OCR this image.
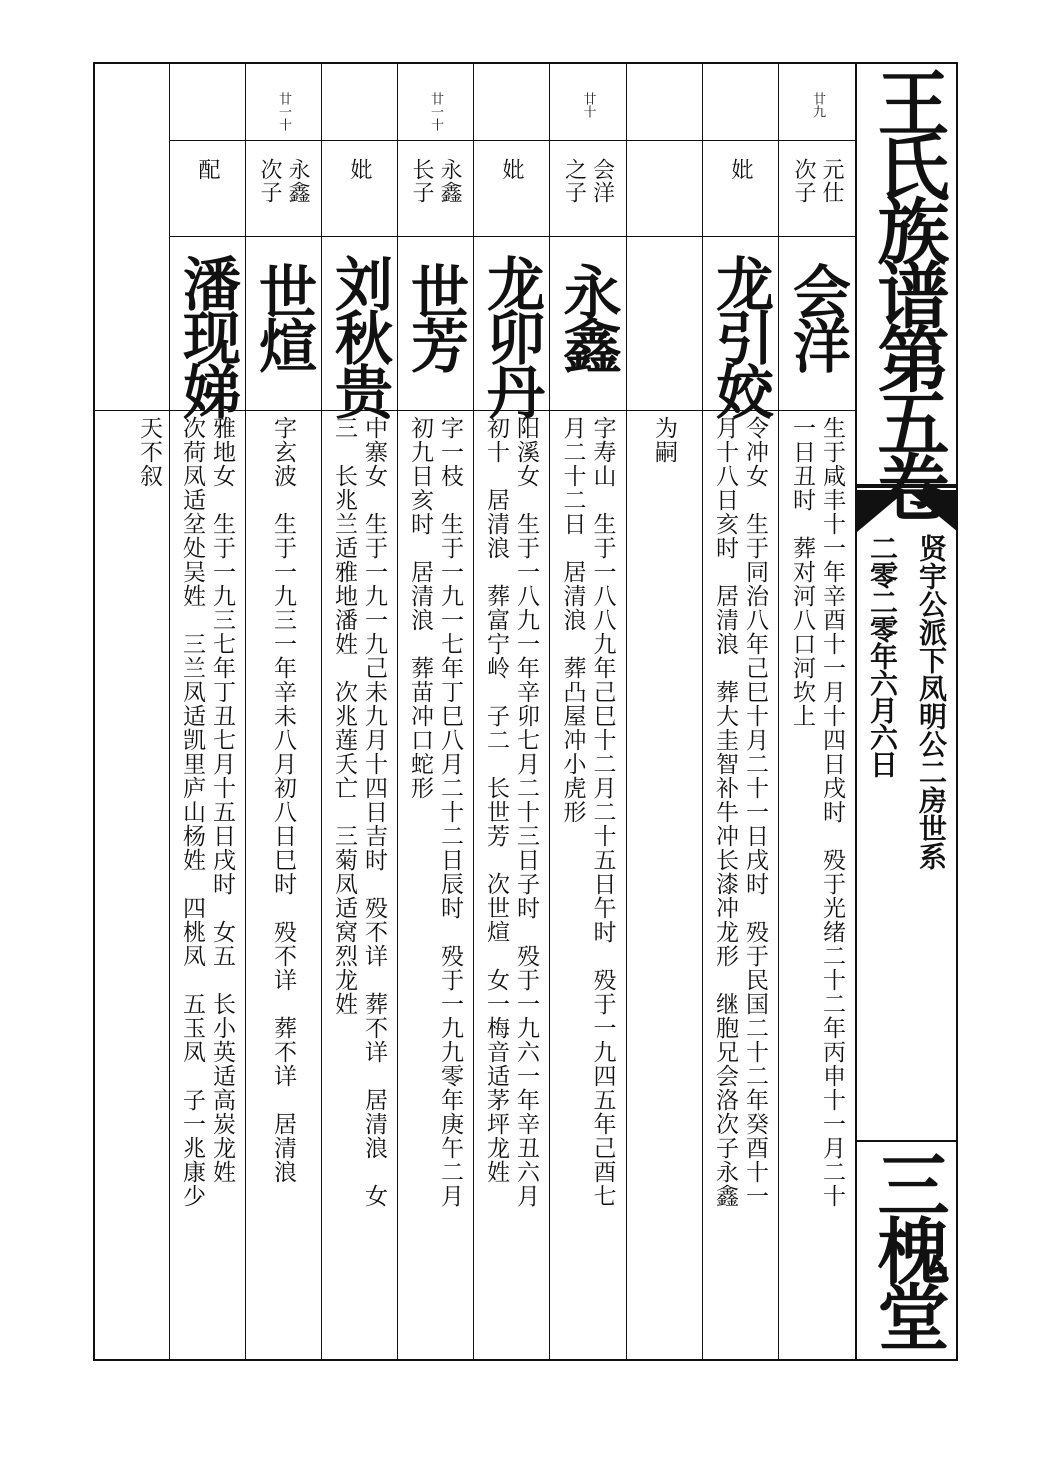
廿九
元仕
次子
会洋
生于咸丰十一年辛酉十一月十四日戌时　殁于光绪二十二年丙申十一月二十
一日丑时　葬对河八口河坎上
妣
龙引姣
令冲女　生于同治八年己巳十月二十一日戌时　殁于民国二十二年癸酉十一
月十八日亥时　居清浪　葬大圭智补牛冲长漆冲龙形　继胞兄会洛次子永鑫
为嗣
廿十
会洋
之子
永鑫
字寿山　生于一八八九年己巳十二月二十五日午时　殁于一九四五年己酉七
月二十二日　居清浪　葬凸屋冲小虎形
妣
龙卯丹
阳溪女　生于一八九一年辛卯七月二十三日子时　殁于一九六一年辛丑六月
初十　居清浪　葬富宁岭　子二　长世芳　次世煊　女一梅音适茅坪龙姓
廿一十
永鑫
长子
世芳
字一枝　生于一九一七年丁巳八月二十二日辰时　殁于一九九零年庚午二月
初九日亥时　居清浪　葬苗冲口蛇形
妣
刘秋贵
中寨女　生于一九一九己未九月十四日吉时　殁不详　葬不详　居清浪　女
三　长兆兰适雅地潘姓　次兆莲夭亡　三菊凤适窝烈龙姓
廿一十
永鑫
次子
世煊
字玄波　生于一九三一年辛未八月初八日巳时　殁不详　葬不详　居清浪
配
潘现娣
雅地女　生于一九三七年丁丑七月十五日戌时　女五　长小英适高炭龙姓
次荷凤适坌处吴姓　三兰凤适凯里庐山杨姓　四桃凤　五玉凤　子一兆康少
天不叙	王氏族谱第五卷
贤宇公派下凤明公二房世系
二零二零年六月六日
三槐堂
